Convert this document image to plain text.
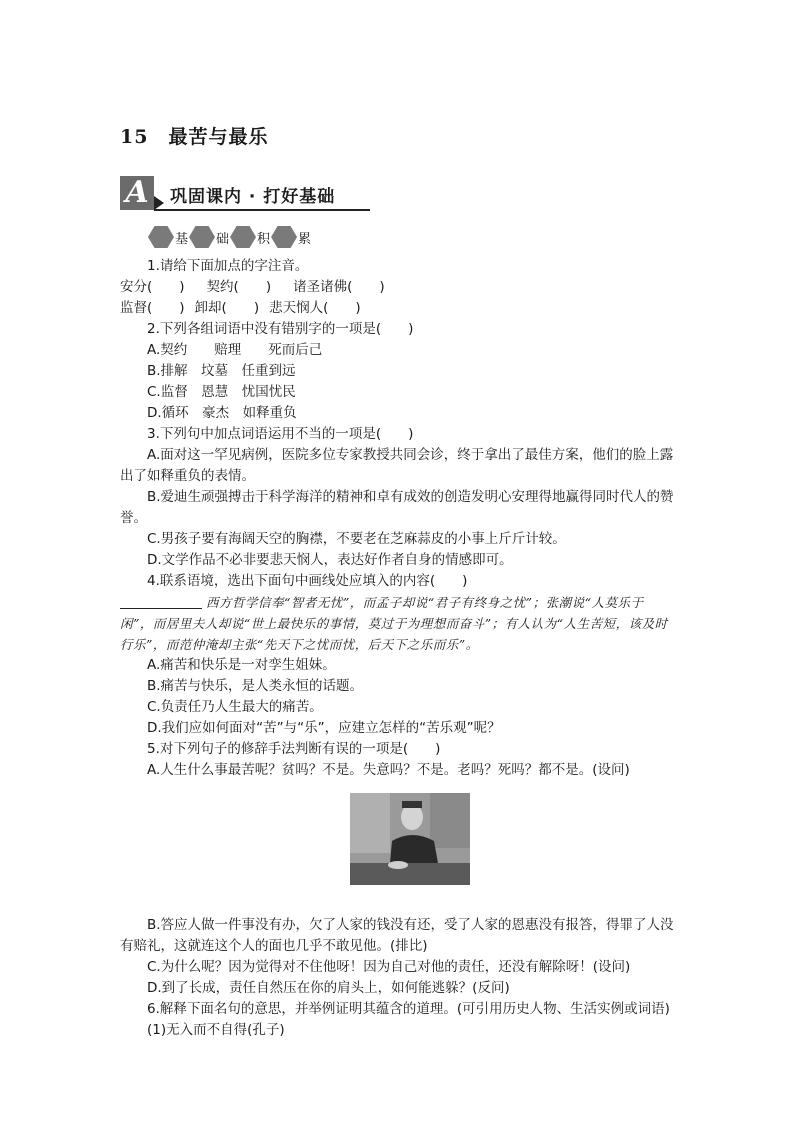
15　 最苦与最乐
A	巩固课内 · 打好基础
基 础 积 累
1.请给下面加点的字注音。
安分(　　) 契约(　　) 诸圣诸佛(　　)
监督(　　) 卸却(　　) 悲天悯人(　　)
2.下列各组词语中没有错别字的一项是(　　)
A.契约　　赔理　　死而后己
B.排解　坟墓　任重到远
C.监督　恩慧　忧国忧民
D.循环　豪杰　如释重负
3.下列句中加点词语运用不当的一项是(　　)
A.面对这一罕见病例，医院多位专家教授共同会诊，终于拿出了最佳方案，他们的脸上露出了如释重负的表情。
B.爱迪生顽强搏击于科学海洋的精神和卓有成效的创造发明心安理得地赢得同时代人的赞誉。
C.男孩子要有海阔天空的胸襟，不要老在芝麻蒜皮的小事上斤斤计较。
D.文学作品不必非要悲天悯人，表达好作者自身的情感即可。
4.联系语境，选出下面句中画线处应填入的内容(　　)
西方哲学信奉“智者无忧”，而孟子却说“君子有终身之忧”；张潮说“人莫乐于闲”，而居里夫人却说“世上最快乐的事情，莫过于为理想而奋斗”；有人认为“人生苦短，该及时行乐”，而范仲淹却主张“先天下之忧而忧，后天下之乐而乐”。
A.痛苦和快乐是一对孪生姐妹。
B.痛苦与快乐，是人类永恒的话题。
C.负责任乃人生最大的痛苦。
D.我们应如何面对“苦”与“乐”，应建立怎样的“苦乐观”呢？
5.对下列句子的修辞手法判断有误的一项是(　　)
A.人生什么事最苦呢？贫吗？不是。失意吗？不是。老吗？死吗？都不是。(设问)
B.答应人做一件事没有办，欠了人家的钱没有还，受了人家的恩惠没有报答，得罪了人没有赔礼，这就连这个人的面也几乎不敢见他。(排比)
C.为什么呢？因为觉得对不住他呀！因为自己对他的责任，还没有解除呀！(设问)
D.到了长成，责任自然压在你的肩头上，如何能逃躲？(反问)
6.解释下面名句的意思，并举例证明其蕴含的道理。(可引用历史人物、生活实例或词语)
(1)无入而不自得(孔子)
